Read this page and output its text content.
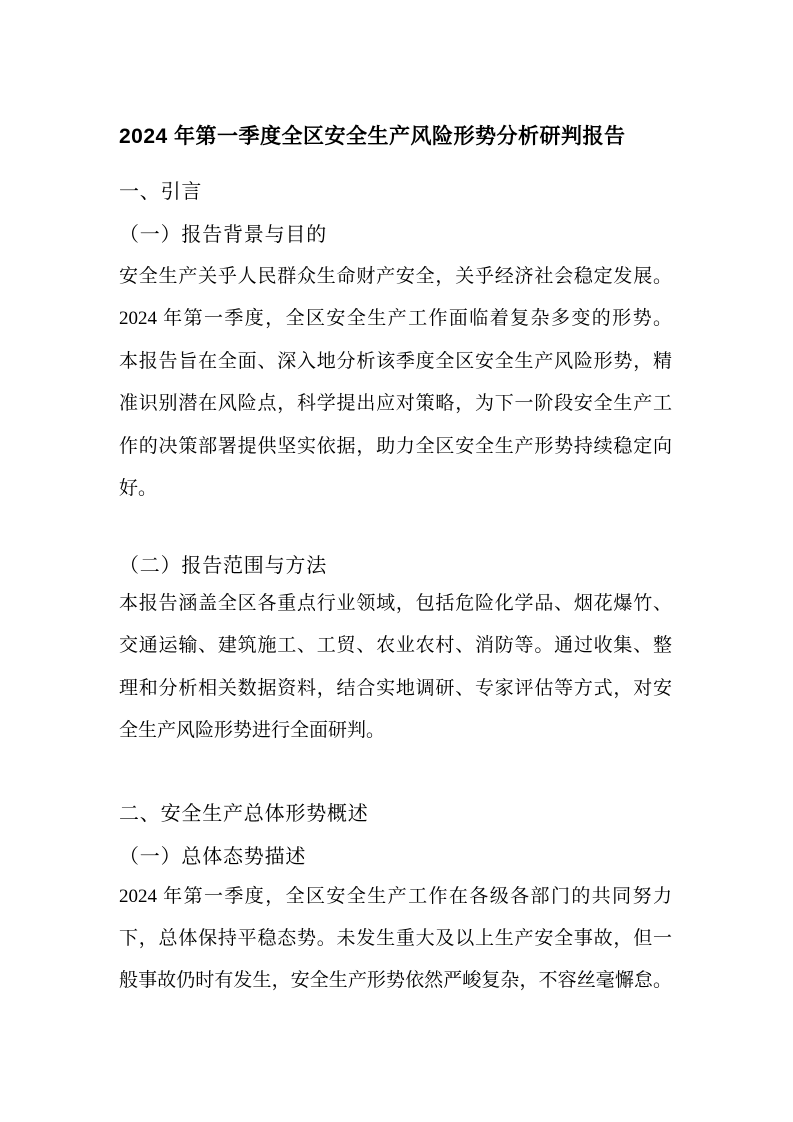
2024 年第一季度全区安全生产风险形势分析研判报告
一、引言
（一）报告背景与目的
安全生产关乎人民群众生命财产安全，关乎经济社会稳定发展。
2024 年第一季度，全区安全生产工作面临着复杂多变的形势。
本报告旨在全面、深入地分析该季度全区安全生产风险形势，精
准识别潜在风险点，科学提出应对策略，为下一阶段安全生产工
作的决策部署提供坚实依据，助力全区安全生产形势持续稳定向
好。
（二）报告范围与方法
本报告涵盖全区各重点行业领域，包括危险化学品、烟花爆竹、
交通运输、建筑施工、工贸、农业农村、消防等。通过收集、整
理和分析相关数据资料，结合实地调研、专家评估等方式，对安
全生产风险形势进行全面研判。
二、安全生产总体形势概述
（一）总体态势描述
2024 年第一季度，全区安全生产工作在各级各部门的共同努力
下，总体保持平稳态势。未发生重大及以上生产安全事故，但一
般事故仍时有发生，安全生产形势依然严峻复杂，不容丝毫懈怠。
